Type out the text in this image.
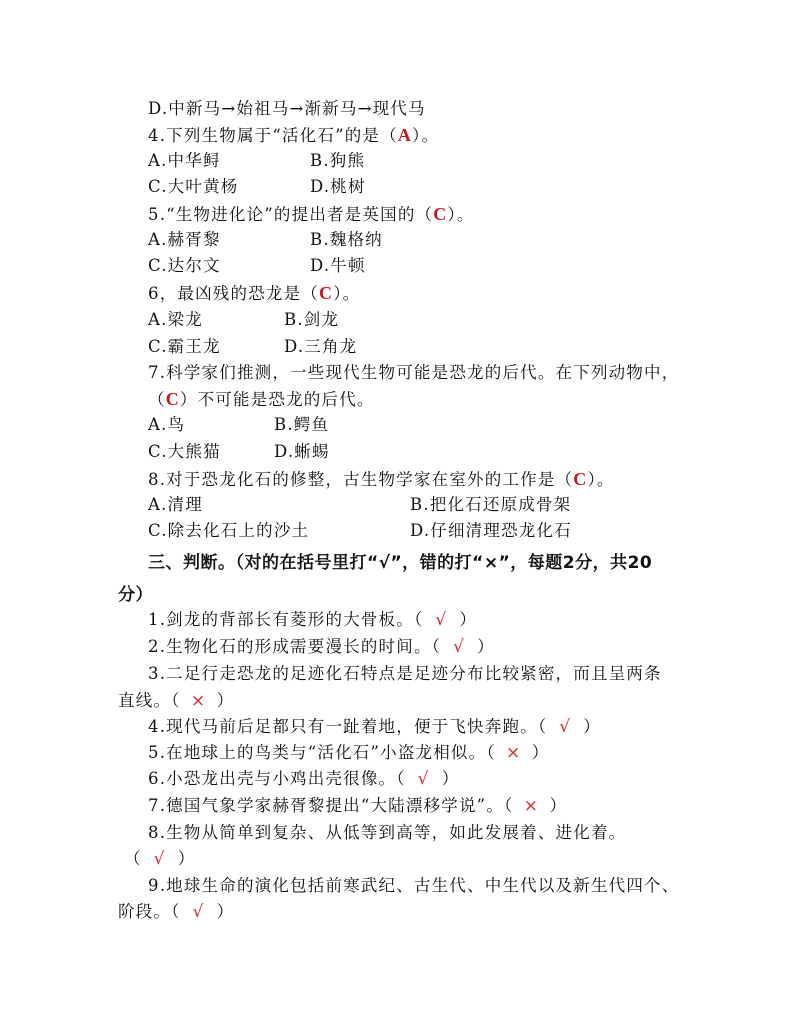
D.中新马→始祖马→渐新马→现代马
4.下列生物属于“活化石”的是（A）。
A.中华鲟	B.狗熊
C.大叶黄杨	D.桃树
5.“生物进化论”的提出者是英国的（C）。
A.赫胥黎	B.魏格纳
C.达尔文	D.牛顿
6，最凶残的恐龙是（C）。
A.梁龙	B.剑龙
C.霸王龙	D.三角龙
7.科学家们推测，一些现代生物可能是恐龙的后代。在下列动物中，
（C）不可能是恐龙的后代。
A.鸟	B.鳄鱼
C.大熊猫	D.蜥蜴
8.对于恐龙化石的修整，古生物学家在室外的工作是（C）。
A.清理	B.把化石还原成骨架
C.除去化石上的沙土	D.仔细清理恐龙化石
三、判断。（对的在括号里打“√”，错的打“×”，每题2分，共20
分）
1.剑龙的背部长有菱形的大骨板。（ √ ）
2.生物化石的形成需要漫长的时间。（ √ ）
3.二足行走恐龙的足迹化石特点是足迹分布比较紧密，而且呈两条
直线。（ × ）
4.现代马前后足都只有一趾着地，便于飞快奔跑。（ √ ）
5.在地球上的鸟类与“活化石”小盗龙相似。（ × ）
6.小恐龙出壳与小鸡出壳很像。（ √ ）
7.德国气象学家赫胥黎提出“大陆漂移学说”。（ × ）
8.生物从简单到复杂、从低等到高等，如此发展着、进化着。
（ √ ）
9.地球生命的演化包括前寒武纪、古生代、中生代以及新生代四个、
阶段。（ √ ）
